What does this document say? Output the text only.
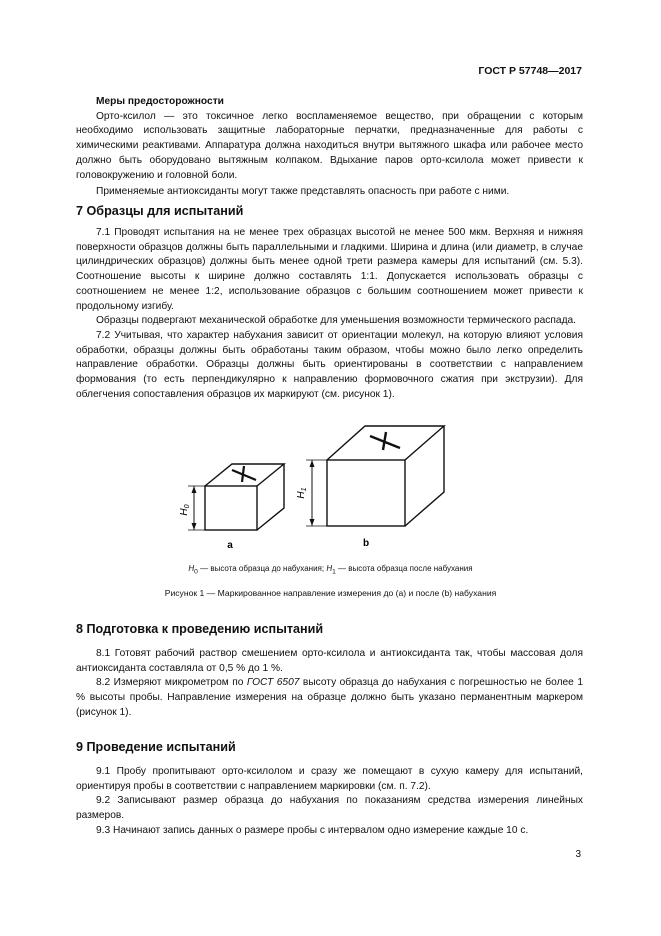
ГОСТ Р 57748—2017

Меры предосторожности

Орто-ксилол — это токсичное легко воспламеняемое вещество, при обращении с которым необходимо использовать защитные лабораторные перчатки, предназначенные для работы с химическими реактивами. Аппаратура должна находиться внутри вытяжного шкафа или рабочее место должно быть оборудовано вытяжным колпаком. Вдыхание паров орто-ксилола может привести к головокружению и головной боли.

Применяемые антиоксиданты могут также представлять опасность при работе с ними.

7 Образцы для испытаний

7.1 Проводят испытания на не менее трех образцах высотой не менее 500 мкм. Верхняя и нижняя поверхности образцов должны быть параллельными и гладкими. Ширина и длина (или диаметр, в случае цилиндрических образцов) должны быть менее одной трети размера камеры для испытаний (см. 5.3). Соотношение высоты к ширине должно составлять 1:1. Допускается использовать образцы с соотношением не менее 1:2, использование образцов с большим соотношением может привести к продольному изгибу.

Образцы подвергают механической обработке для уменьшения возможности термического распада.

7.2 Учитывая, что характер набухания зависит от ориентации молекул, на которую влияют условия обработки, образцы должны быть обработаны таким образом, чтобы можно было легко определить направление обработки. Образцы должны быть ориентированы в соответствии с направлением формования (то есть перпендикулярно к направлению формовочного сжатия при экструзии). Для облегчения сопоставления образцов их маркируют (см. рисунок 1).

$H_0$
$H_1$
а	b
$H_0$ — высота образца до набухания; $H_1$ — высота образца после набухания
Рисунок 1 — Маркированное направление измерения до (а) и после (b) набухания
8 Подготовка к проведению испытаний

8.1 Готовят рабочий раствор смешением орто-ксилола и антиоксиданта так, чтобы массовая доля антиоксиданта составляла от 0,5 % до 1 %.

8.2 Измеряют микрометром по ГОСТ 6507 высоту образца до набухания с погрешностью не более 1 % высоты пробы. Направление измерения на образце должно быть указано перманентным маркером (рисунок 1).

9 Проведение испытаний

9.1 Пробу пропитывают орто-ксилолом и сразу же помещают в сухую камеру для испытаний, ориентируя пробы в соответствии с направлением маркировки (см. п. 7.2).

9.2 Записывают размер образца до набухания по показаниям средства измерения линейных размеров.

9.3 Начинают запись данных о размере пробы с интервалом одно измерение каждые 10 с.

3
